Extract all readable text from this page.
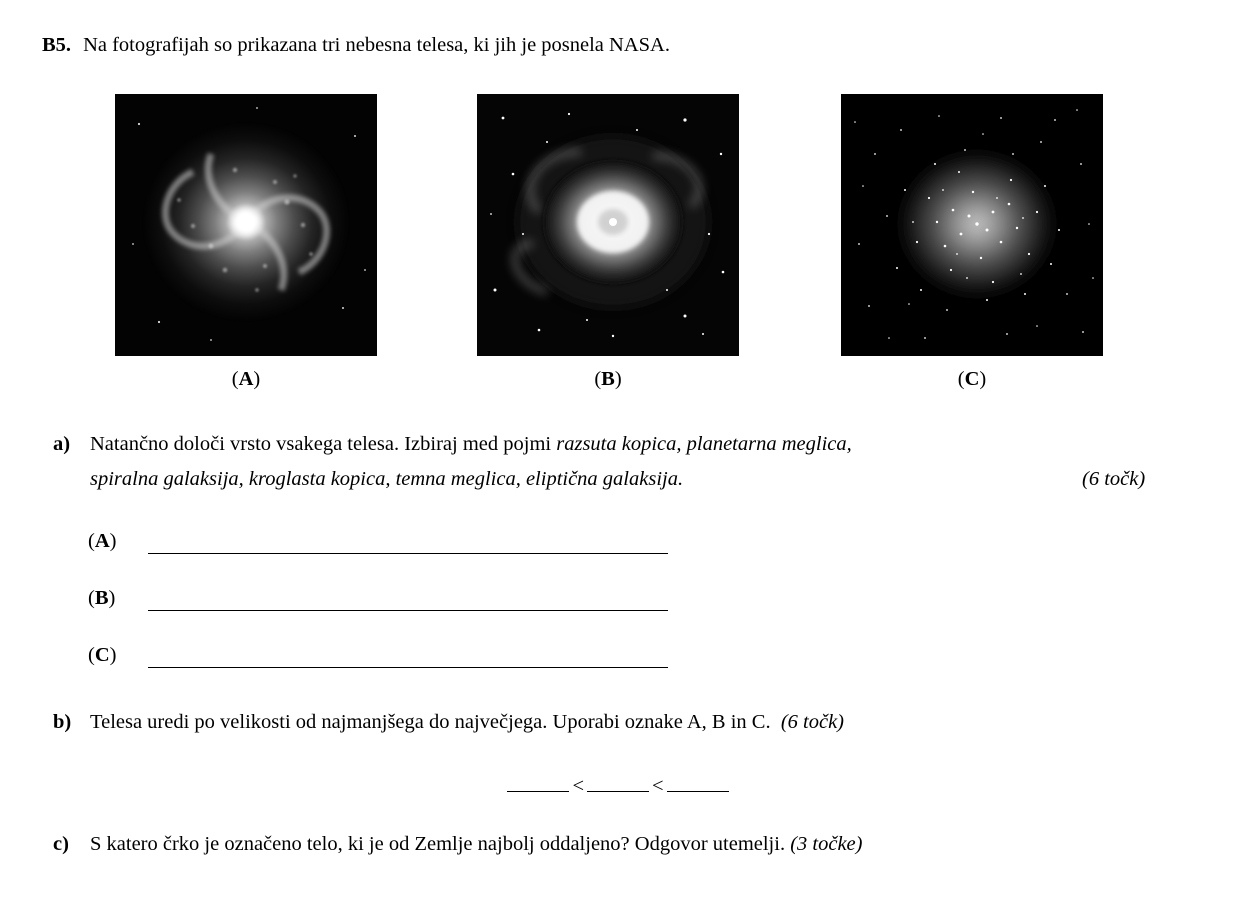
B5. Na fotografijah so prikazana tri nebesna telesa, ki jih je posnela NASA.
(A)	(B)	(C)
a) Natančno določi vrsto vsakega telesa. Izbiraj med pojmi razsuta kopica, planetarna meglica,
spiralna galaksija, kroglasta kopica, temna meglica, eliptična galaksija.	(6 točk)
(A)
(B)
(C)
b) Telesa uredi po velikosti od najmanjšega do največjega. Uporabi oznake A, B in C. (6 točk)
<	<
c) S katero črko je označeno telo, ki je od Zemlje najbolj oddaljeno? Odgovor utemelji. (3 točke)
